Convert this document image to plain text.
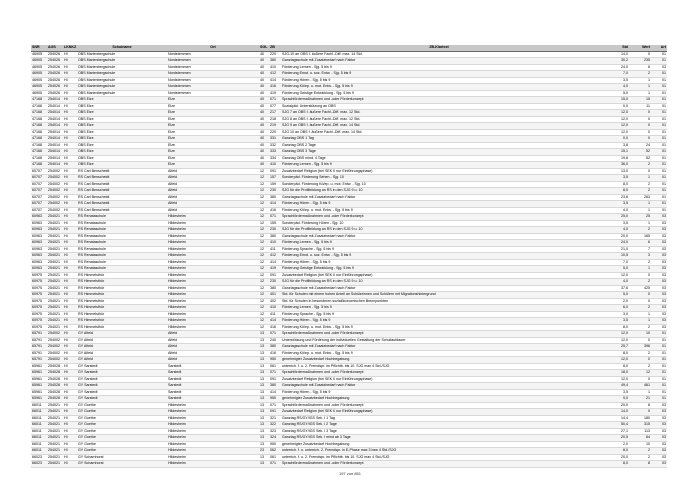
SNR	AGS	LKNKZ	Schulname	Ort	SGL	ZB	ZB-Klartext	Std	Wert	Art
46905	254026	HI	OBS Marienbergschule	Nordstemmen	40	220	SJG-10 an OBS f. äußere Fachl.-Diff. max. 14 Std.	14,0	0	01
46905	254026	HI	OBS Marienbergschule	Nordstemmen	40	380	Ganztagsschule mit Zusatzbedarf nach Faktor	30,2	235	01
46905	254026	HI	OBS Marienbergschule	Nordstemmen	40	410	Förderung Lernen - Sjg. 5 bis 9	24,0	6	03
46905	254026	HI	OBS Marienbergschule	Nordstemmen	40	412	Förderung Emot. u. soz. Entw. - Sjg. 5 bis 9	7,0	2	01
46905	254026	HI	OBS Marienbergschule	Nordstemmen	40	414	Förderung Hören - Sjg. 5 bis 9	3,5	1	01
46905	254026	HI	OBS Marienbergschule	Nordstemmen	40	416	Förderung Kö/ep. u. mot. Entw. - Sjg. 5 bis 9	4,0	1	01
46905	254026	HI	OBS Marienbergschule	Nordstemmen	40	419	Förderung Geistige Entwicklung - Sjg. 5 bis 9	5,0	1	01
47168	254014	HI	OBS Elze	Elze	40	071	Sprachfördermaßnahmen und -oder Förderkonzept	15,0	15	01
47168	254014	HI	OBS Elze	Elze	40	077	Sozialpäd. Unterstützung an OBS	0,0	11	01
47168	254014	HI	OBS Elze	Elze	40	217	SJG 7 an OBS f. äußere Fachl.-Diff. max. 12 Std.	12,0	0	01
47168	254014	HI	OBS Elze	Elze	40	218	SJG 8 an OBS f. äußere Fachl.-Diff. max. 12 Std.	12,0	0	01
47168	254014	HI	OBS Elze	Elze	40	219	SJG 9 an OBS f. äußere Fachl.-Diff. max. 14 Std.	12,0	0	01
47168	254014	HI	OBS Elze	Elze	40	220	SJG 10 an OBS f. äußere Fachl.-Diff. max. 14 Std.	12,0	0	01
47168	254014	HI	OBS Elze	Elze	40	331	Ganztag OBS 1 Tag	0,0	0	01
47168	254014	HI	OBS Elze	Elze	40	332	Ganztag OBS 2 Tage	3,8	24	01
47168	254014	HI	OBS Elze	Elze	40	333	Ganztag OBS 3 Tage	15,1	52	01
47168	254014	HI	OBS Elze	Elze	40	334	Ganztag OBS mind. 4 Tage	19,8	52	01
47168	254014	HI	OBS Elze	Elze	40	410	Förderung Lernen - Sjg. 5 bis 9	36,0	2	01
60707	254002	HI	RS Carl Benscheidt	Alfeld	12	091	Zusatzbedarf Religion (bei SEK II nur Einführungsphase)	13,0	0	01
60707	254002	HI	RS Carl Benscheidt	Alfeld	12	157	Sonderpäd. Förderung Sehen - Sjg. 10	3,5	1	01
60707	254002	HI	RS Carl Benscheidt	Alfeld	12	159	Sonderpäd. Förderung Kö/ep. u. mot. Entw. - Sjg. 10	8,0	2	01
60707	254002	HI	RS Carl Benscheidt	Alfeld	12	230	SJG für die Profilbildung an RS in den SJG 9 u. 10	8,0	2	01
60707	254002	HI	RS Carl Benscheidt	Alfeld	12	380	Ganztagsschule mit Zusatzbedarf nach Faktor	23,6	263	01
60707	254002	HI	RS Carl Benscheidt	Alfeld	12	414	Förderung Hören - Sjg. 5 bis 9	3,5	1	01
60707	254002	HI	RS Carl Benscheidt	Alfeld	12	416	Förderung Kö/ep. u. mot. Entw. - Sjg. 5 bis 9	4,0	1	01
60963	254021	HI	RS Renataschule	Hildesheim	12	071	Sprachfördermaßnahmen und -oder Förderkonzept	25,0	25	03
60963	254021	HI	RS Renataschule	Hildesheim	12	155	Sonderpäd. Förderung Hören - Sjg. 10	3,5	1	03
60963	254021	HI	RS Renataschule	Hildesheim	12	230	SJG für die Profilbildung an RS in den SJG 9 u. 10	4,0	2	03
60963	254021	HI	RS Renataschule	Hildesheim	12	380	Ganztagsschule mit Zusatzbedarf nach Faktor	20,0	165	03
60963	254021	HI	RS Renataschule	Hildesheim	12	410	Förderung Lernen - Sjg. 5 bis 9	24,0	6	03
60963	254021	HI	RS Renataschule	Hildesheim	12	411	Förderung Sprache - Sjg. 5 bis 9	21,0	7	03
60963	254021	HI	RS Renataschule	Hildesheim	12	412	Förderung Emot. u. soz. Entw. - Sjg. 5 bis 9	10,5	3	03
60963	254021	HI	RS Renataschule	Hildesheim	12	414	Förderung Hören - Sjg. 5 bis 9	7,0	2	03
60963	254021	HI	RS Renataschule	Hildesheim	12	419	Förderung Geistige Entwicklung - Sjg. 5 bis 9	5,0	1	03
60975	254021	HI	RS Himmelsthür	Hildesheim	12	091	Zusatzbedarf Religion (bei SEK II nur Einführungsphase)	12,0	0	03
60975	254021	HI	RS Himmelsthür	Hildesheim	12	230	SJG für die Profilbildung an RS in den SJG 9 u. 10	4,0	2	03
60975	254021	HI	RS Himmelsthür	Hildesheim	12	380	Ganztagsschule mit Zusatzbedarf nach Faktor	37,6	425	03
60975	254021	HI	RS Himmelsthür	Hildesheim	12	401	Std. für Schulen mit einem hohen Anteil an Schülerinnen und Schülern mit Migrationshintergrund	5,0	0	03
60975	254021	HI	RS Himmelsthür	Hildesheim	12	402	Std. für Schulen in besonderen sozialökonomischen Brennpunkten	2,0	0	03
60975	254021	HI	RS Himmelsthür	Hildesheim	12	410	Förderung Lernen - Sjg. 5 bis 9	6,0	2	03
60975	254021	HI	RS Himmelsthür	Hildesheim	12	411	Förderung Sprache - Sjg. 5 bis 9	3,0	1	03
60975	254021	HI	RS Himmelsthür	Hildesheim	12	414	Förderung Hören - Sjg. 5 bis 9	3,5	1	03
60975	254021	HI	RS Himmelsthür	Hildesheim	12	416	Förderung Kö/ep. u. mot. Entw. - Sjg. 5 bis 9	8,0	2	03
65791	254002	HI	GY Alfeld	Alfeld	13	071	Sprachfördermaßnahmen und -oder Förderkonzept	12,0	10	01
65791	254002	HI	GY Alfeld	Alfeld	13	240	Unterstützung und Förderung der individuellen Gestaltung der Schullaufdauer	12,0	0	01
65791	254002	HI	GY Alfeld	Alfeld	13	380	Ganztagsschule mit Zusatzbedarf nach Faktor	25,7	396	01
65791	254002	HI	GY Alfeld	Alfeld	13	416	Förderung Kö/ep. u. mot. Entw. - Sjg. 5 bis 9	8,0	2	01
65791	254002	HI	GY Alfeld	Alfeld	13	950	genehmigter Zusatzbedarf Hochbegabung	12,0	0	01
65961	254028	HI	GY Sarstedt	Sarstedt	13	061	unterrich. f. u. 2. Fremdspr. im Pflichtb. bis 10. SJG max 4 Std./SJG	8,0	2	01
65961	254028	HI	GY Sarstedt	Sarstedt	13	071	Sprachfördermaßnahmen und -oder Förderkonzept	18,0	12	01
65961	254028	HI	GY Sarstedt	Sarstedt	13	091	Zusatzbedarf Religion (bei SEK II nur Einführungsphase)	12,0	0	01
65961	254028	HI	GY Sarstedt	Sarstedt	13	380	Ganztagsschule mit Zusatzbedarf nach Faktor	49,4	461	01
65961	254028	HI	GY Sarstedt	Sarstedt	13	414	Förderung Hören - Sjg. 5 bis 9	3,5	1	01
65961	254028	HI	GY Sarstedt	Sarstedt	13	950	genehmigter Zusatzbedarf Hochbegabung	9,0	21	01
66011	254021	HI	GY Goethe	Hildesheim	13	071	Sprachfördermaßnahmen und -oder Förderkonzept	20,0	8	03
66011	254021	HI	GY Goethe	Hildesheim	13	091	Zusatzbedarf Religion (bei SEK II nur Einführungsphase)	14,0	0	03
66011	254021	HI	GY Goethe	Hildesheim	13	321	Ganztag RS/GY/IGS Sek. I 1 Tag	14,4	180	03
66011	254021	HI	GY Goethe	Hildesheim	13	322	Ganztag RS/GY/IGS Sek. I 2 Tage	50,4	315	03
66011	254021	HI	GY Goethe	Hildesheim	13	323	Ganztag RS/GY/IGS Sek. I 3 Tage	27,1	113	03
66011	254021	HI	GY Goethe	Hildesheim	13	324	Ganztag RS/GY/IGS Sek. I mind ab 3 Tage	20,5	64	03
66011	254021	HI	GY Goethe	Hildesheim	13	950	genehmigter Zusatzbedarf Hochbegabung	2,0	10	03
66011	254021	HI	GY Goethe	Hildesheim	23	062	unterrich. f. o. unterrich. 2. Fremdspr. in E-Phase max 3 bzw 4 Std./SJG	8,0	2	03
66023	254021	HI	GY Scharnhorst	Hildesheim	13	061	unterrich. f. u. 2. Fremdspr. im Pflichtb. bis 10. SJG max 4 Std./SJG	20,0	2	03
66023	254021	HI	GY Scharnhorst	Hildesheim	13	071	Sprachfördermaßnahmen und -oder Förderkonzept	8,0	8	03
197 von 851
